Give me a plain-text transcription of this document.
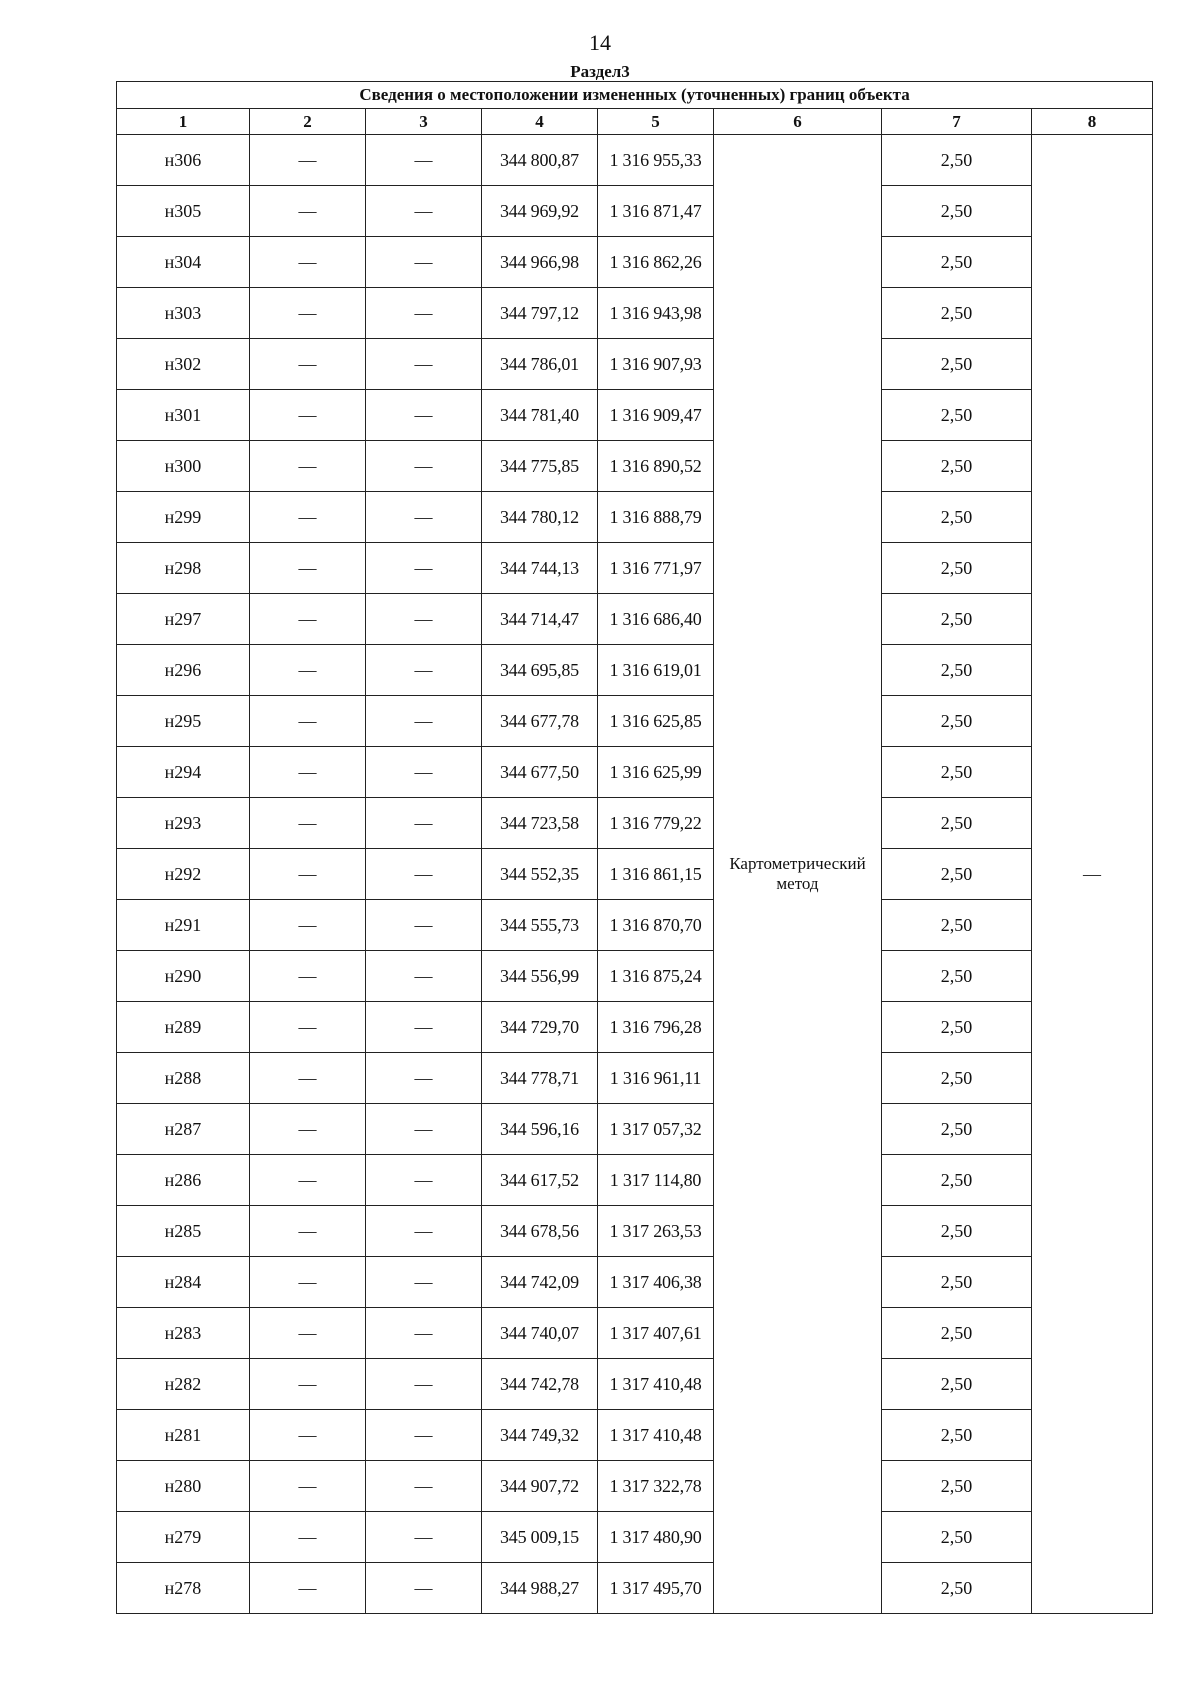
14
Раздел3
Сведения о местоположении измененных (уточненных) границ объекта							
1	2	3	4	5	6	7	8
н306	—	—	344 800,87	1 316 955,33	Картометрический метод	2,50	—
н305	—	—	344 969,92	1 316 871,47		2,50	
н304	—	—	344 966,98	1 316 862,26		2,50	
н303	—	—	344 797,12	1 316 943,98		2,50	
н302	—	—	344 786,01	1 316 907,93		2,50	
н301	—	—	344 781,40	1 316 909,47		2,50	
н300	—	—	344 775,85	1 316 890,52		2,50	
н299	—	—	344 780,12	1 316 888,79		2,50	
н298	—	—	344 744,13	1 316 771,97		2,50	
н297	—	—	344 714,47	1 316 686,40		2,50	
н296	—	—	344 695,85	1 316 619,01		2,50	
н295	—	—	344 677,78	1 316 625,85		2,50	
н294	—	—	344 677,50	1 316 625,99		2,50	
н293	—	—	344 723,58	1 316 779,22		2,50	
н292	—	—	344 552,35	1 316 861,15		2,50	
н291	—	—	344 555,73	1 316 870,70		2,50	
н290	—	—	344 556,99	1 316 875,24		2,50	
н289	—	—	344 729,70	1 316 796,28		2,50	
н288	—	—	344 778,71	1 316 961,11		2,50	
н287	—	—	344 596,16	1 317 057,32		2,50	
н286	—	—	344 617,52	1 317 114,80		2,50	
н285	—	—	344 678,56	1 317 263,53		2,50	
н284	—	—	344 742,09	1 317 406,38		2,50	
н283	—	—	344 740,07	1 317 407,61		2,50	
н282	—	—	344 742,78	1 317 410,48		2,50	
н281	—	—	344 749,32	1 317 410,48		2,50	
н280	—	—	344 907,72	1 317 322,78		2,50	
н279	—	—	345 009,15	1 317 480,90		2,50	
н278	—	—	344 988,27	1 317 495,70		2,50	
